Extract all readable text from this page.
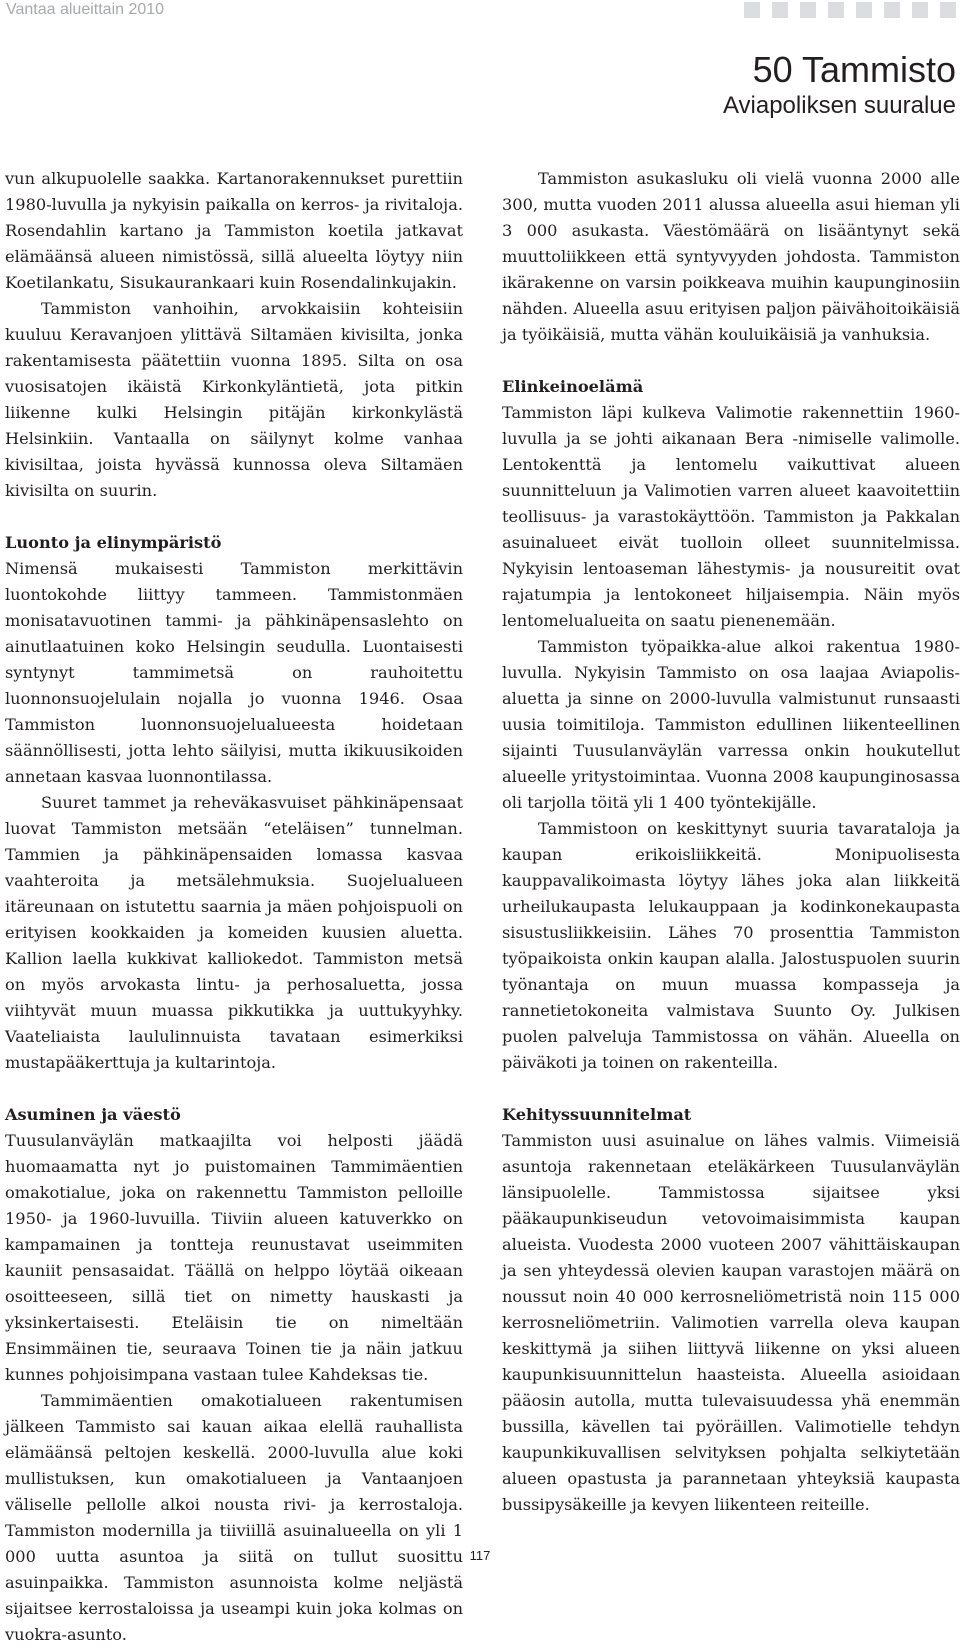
Vantaa alueittain 2010
50 Tammisto
Aviapoliksen suuralue

vun alkupuolelle saakka. Kartanorakennukset purettiin 1980-luvulla ja nykyisin paikalla on kerros- ja rivitaloja. Rosendahlin kartano ja Tammiston koetila jatkavat elämäänsä alueen nimistössä, sillä alueelta löytyy niin Koetilankatu, Sisukaurankaari kuin Rosendalinkujakin.

Tammiston vanhoihin, arvokkaisiin kohteisiin kuuluu Keravanjoen ylittävä Siltamäen kivisilta, jonka rakentamisesta päätettiin vuonna 1895. Silta on osa vuosisatojen ikäistä Kirkonkyläntietä, jota pitkin liikenne kulki Helsingin pitäjän kirkonkylästä Helsinkiin. Vantaalla on säilynyt kolme vanhaa kivisiltaa, joista hyvässä kunnossa oleva Siltamäen kivisilta on suurin.

Luonto ja elinympäristö

Nimensä mukaisesti Tammiston merkittävin luontokohde liittyy tammeen. Tammistonmäen monisatavuotinen tammi- ja pähkinäpensaslehto on ainutlaatuinen koko Helsingin seudulla. Luontaisesti syntynyt tammimetsä on rauhoitettu luonnonsuojelulain nojalla jo vuonna 1946. Osaa Tammiston luonnonsuojelualueesta hoidetaan säännöllisesti, jotta lehto säilyisi, mutta ikikuusikoiden annetaan kasvaa luonnontilassa.

Suuret tammet ja reheväkasvuiset pähkinäpensaat luovat Tammiston metsään “eteläisen” tunnelman. Tammien ja pähkinäpensaiden lomassa kasvaa vaahteroita ja metsälehmuksia. Suojelualueen itäreunaan on istutettu saarnia ja mäen pohjoispuoli on erityisen kookkaiden ja komeiden kuusien aluetta. Kallion laella kukkivat kalliokedot. Tammiston metsä on myös arvokasta lintu- ja perhosaluetta, jossa viihtyvät muun muassa pikkutikka ja uuttukyyhky. Vaateliaista laululinnuista tavataan esimerkiksi mustapääkerttuja ja kultarintoja.

Asuminen ja väestö

Tuusulanväylän matkaajilta voi helposti jäädä huomaamatta nyt jo puistomainen Tammimäentien omakotialue, joka on rakennettu Tammiston pelloille 1950- ja 1960-luvuilla. Tiiviin alueen katuverkko on kampamainen ja tontteja reunustavat useimmiten kauniit pensasaidat. Täällä on helppo löytää oikeaan osoitteeseen, sillä tiet on nimetty hauskasti ja yksinkertaisesti. Eteläisin tie on nimeltään Ensimmäinen tie, seuraava Toinen tie ja näin jatkuu kunnes pohjoisimpana vastaan tulee Kahdeksas tie.

Tammimäentien omakotialueen rakentumisen jälkeen Tammisto sai kauan aikaa elellä rauhallista elämäänsä peltojen keskellä. 2000-luvulla alue koki mullistuksen, kun omakotialueen ja Vantaanjoen väliselle pellolle alkoi nousta rivi- ja kerrostaloja. Tammiston modernilla ja tiiviillä asuinalueella on yli 1 000 uutta asuntoa ja siitä on tullut suosittu asuinpaikka. Tammiston asunnoista kolme neljästä sijaitsee kerrostaloissa ja useampi kuin joka kolmas on vuokra-asunto.

Tammiston asukasluku oli vielä vuonna 2000 alle 300, mutta vuoden 2011 alussa alueella asui hieman yli 3 000 asukasta. Väestömäärä on lisääntynyt sekä muuttoliikkeen että syntyvyyden johdosta. Tammiston ikärakenne on varsin poikkeava muihin kaupunginosiin nähden. Alueella asuu erityisen paljon päivähoitoikäisiä ja työikäisiä, mutta vähän kouluikäisiä ja vanhuksia.

Elinkeinoelämä

Tammiston läpi kulkeva Valimotie rakennettiin 1960-luvulla ja se johti aikanaan Bera -nimiselle valimolle. Lentokenttä ja lentomelu vaikuttivat alueen suunnitteluun ja Valimotien varren alueet kaavoitettiin teollisuus- ja varastokäyttöön. Tammiston ja Pakkalan asuinalueet eivät tuolloin olleet suunnitelmissa. Nykyisin lentoaseman lähestymis- ja nousureitit ovat rajatumpia ja lentokoneet hiljaisempia. Näin myös lentomelualueita on saatu pienenemään.

Tammiston työpaikka-alue alkoi rakentua 1980-luvulla. Nykyisin Tammisto on osa laajaa Aviapolis-aluetta ja sinne on 2000-luvulla valmistunut runsaasti uusia toimitiloja. Tammiston edullinen liikenteellinen sijainti Tuusulanväylän varressa onkin houkutellut alueelle yritystoimintaa. Vuonna 2008 kaupunginosassa oli tarjolla töitä yli 1 400 työntekijälle.

Tammistoon on keskittynyt suuria tavarataloja ja kaupan erikoisliikkeitä. Monipuolisesta kauppavalikoimasta löytyy lähes joka alan liikkeitä urheilukaupasta lelukauppaan ja kodinkonekaupasta sisustusliikkeisiin. Lähes 70 prosenttia Tammiston työpaikoista onkin kaupan alalla. Jalostuspuolen suurin työnantaja on muun muassa kompasseja ja rannetietokoneita valmistava Suunto Oy. Julkisen puolen palveluja Tammistossa on vähän. Alueella on päiväkoti ja toinen on rakenteilla.

Kehityssuunnitelmat

Tammiston uusi asuinalue on lähes valmis. Viimeisiä asuntoja rakennetaan eteläkärkeen Tuusulanväylän länsipuolelle. Tammistossa sijaitsee yksi pääkaupunkiseudun vetovoimaisimmista kaupan alueista. Vuodesta 2000 vuoteen 2007 vähittäiskaupan ja sen yhteydessä olevien kaupan varastojen määrä on noussut noin 40 000 kerrosneliömetristä noin 115 000 kerrosneliömetriin. Valimotien varrella oleva kaupan keskittymä ja siihen liittyvä liikenne on yksi alueen kaupunkisuunnittelun haasteista. Alueella asioidaan pääosin autolla, mutta tulevaisuudessa yhä enemmän bussilla, kävellen tai pyöräillen. Valimotielle tehdyn kaupunkikuvallisen selvityksen pohjalta selkiytetään alueen opastusta ja parannetaan yhteyksiä kaupasta bussipysäkeille ja kevyen liikenteen reiteille.

117
